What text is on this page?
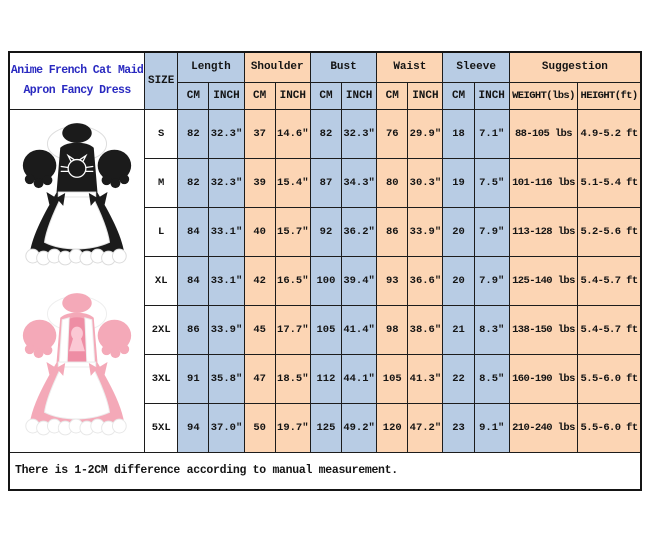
Anime French Cat Maid
Apron Fancy Dress	SIZE	Length		Shoulder		Bust		Waist		Sleeve		Suggestion	
		CM	INCH	CM	INCH	CM	INCH	CM	INCH	CM	INCH	WEIGHT(lbs)	HEIGHT(ft)

	S	82	32.3″	37	14.6″	82	32.3″	76	29.9″	18	7.1″	88-105 lbs	4.9-5.2 ft
	M	82	32.3″	39	15.4″	87	34.3″	80	30.3″	19	7.5″	101-116 lbs	5.1-5.4 ft
	L	84	33.1″	40	15.7″	92	36.2″	86	33.9″	20	7.9″	113-128 lbs	5.2-5.6 ft
	XL	84	33.1″	42	16.5″	100	39.4″	93	36.6″	20	7.9″	125-140 lbs	5.4-5.7 ft
	2XL	86	33.9″	45	17.7″	105	41.4″	98	38.6″	21	8.3″	138-150 lbs	5.4-5.7 ft
	3XL	91	35.8″	47	18.5″	112	44.1″	105	41.3″	22	8.5″	160-190 lbs	5.5-6.0 ft
	5XL	94	37.0″	50	19.7″	125	49.2″	120	47.2″	23	9.1″	210-240 lbs	5.5-6.0 ft
There is 1-2CM difference according to manual measurement.													
